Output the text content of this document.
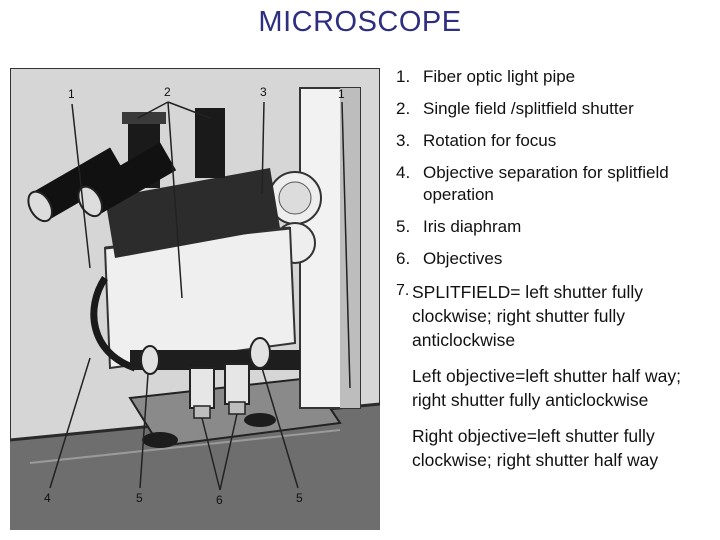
MICROSCOPE
1	2	3	1
4	5	6	5
1. Fiber optic light pipe
2. Single field /splitfield shutter
3. Rotation for focus
4. Objective separation for splitfield operation
5. Iris diaphram
6. Objectives
7. SPLITFIELD= left shutter fully clockwise; right shutter fully anticlockwise
Left objective=left shutter half way; right shutter fully anticlockwise
Right objective=left shutter fully clockwise; right shutter half way
